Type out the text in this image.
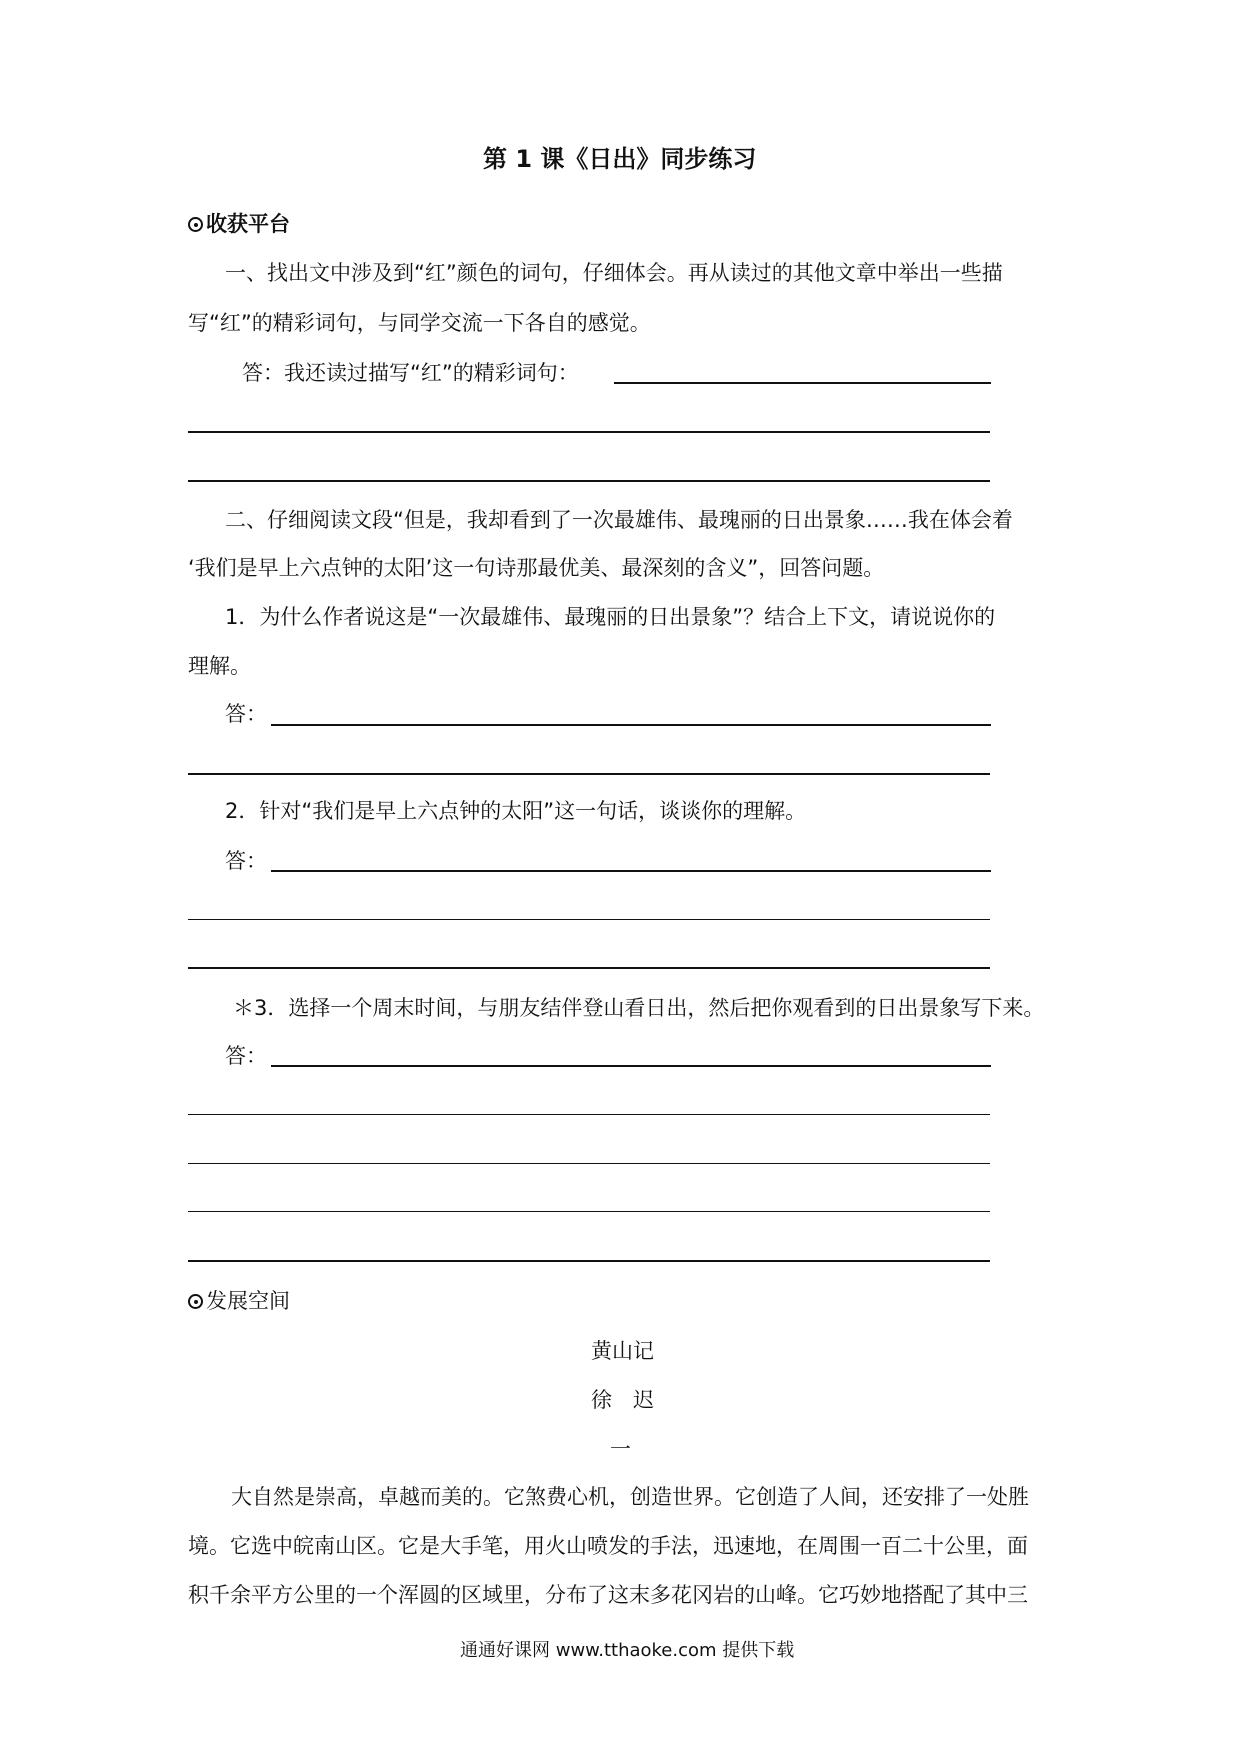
第 1 课《日出》同步练习
收获平台
一、找出文中涉及到“红”颜色的词句，仔细体会。再从读过的其他文章中举出一些描
写“红”的精彩词句，与同学交流一下各自的感觉。
答：我还读过描写“红”的精彩词句：
二、仔细阅读文段“但是，我却看到了一次最雄伟、最瑰丽的日出景象……我在体会着
‘我们是早上六点钟的太阳’这一句诗那最优美、最深刻的含义”，回答问题。
1．为什么作者说这是“一次最雄伟、最瑰丽的日出景象”？结合上下文，请说说你的
理解。
答：
2．针对“我们是早上六点钟的太阳”这一句话，谈谈你的理解。
答：
＊3．选择一个周末时间，与朋友结伴登山看日出，然后把你观看到的日出景象写下来。
答：
发展空间
黄山记
徐　迟
一
大自然是崇高，卓越而美的。它煞费心机，创造世界。它创造了人间，还安排了一处胜
境。它选中皖南山区。它是大手笔，用火山喷发的手法，迅速地，在周围一百二十公里，面
积千余平方公里的一个浑圆的区域里，分布了这末多花冈岩的山峰。它巧妙地搭配了其中三
通通好课网 www.tthaoke.com 提供下载
